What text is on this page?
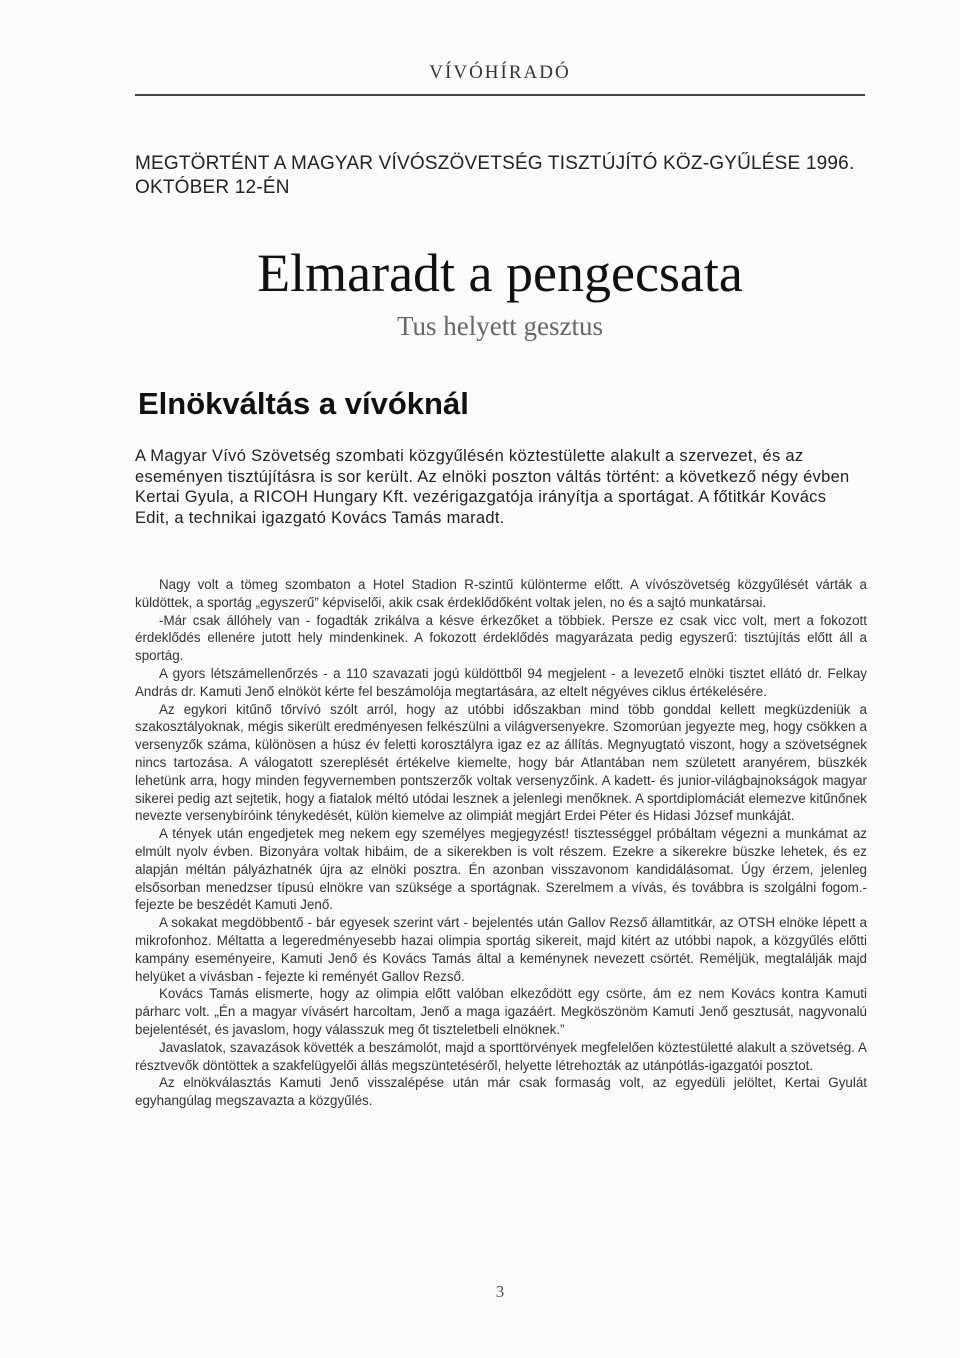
VÍVÓHÍRADÓ
MEGTÖRTÉNT A MAGYAR VÍVÓSZÖVETSÉG TISZTÚJÍTÓ KÖZ-GYŰLÉSE 1996. OKTÓBER 12-ÉN
Elmaradt a pengecsata
Tus helyett gesztus
Elnökváltás a vívóknál
A Magyar Vívó Szövetség szombati közgyűlésén köztestülette alakult a szervezet, és az eseményen tisztújításra is sor került. Az elnöki poszton váltás történt: a következő négy évben Kertai Gyula, a RICOH Hungary Kft. vezérigazgatója irányítja a sportágat. A főtitkár Kovács Edit, a technikai igazgató Kovács Tamás maradt.

Nagy volt a tömeg szombaton a Hotel Stadion R-szintű különterme előtt. A vívószövetség közgyűlését várták a küldöttek, a sportág „egyszerű” képviselői, akik csak érdeklődőként voltak jelen, no és a sajtó munkatársai.

-Már csak állóhely van - fogadták zrikálva a késve érkezőket a többiek. Persze ez csak vicc volt, mert a fokozott érdeklődés ellenére jutott hely mindenkinek. A fokozott érdeklődés magyarázata pedig egyszerű: tisztújítás előtt áll a sportág.

A gyors létszámellenőrzés - a 110 szavazati jogú küldöttből 94 megjelent - a levezető elnöki tisztet ellátó dr. Felkay András dr. Kamuti Jenő elnököt kérte fel beszámolója megtartására, az eltelt négyéves ciklus értékelésére.

Az egykori kitűnő tőrvívó szólt arról, hogy az utóbbi időszakban mind több gonddal kellett megküzdeniük a szakosztályoknak, mégis sikerült eredményesen felkészülni a világversenyekre. Szomorúan jegyezte meg, hogy csökken a versenyzők száma, különösen a húsz év feletti korosztályra igaz ez az állítás. Megnyugtató viszont, hogy a szövetségnek nincs tartozása. A válogatott szereplését értékelve kiemelte, hogy bár Atlantában nem született aranyérem, büszkék lehetünk arra, hogy minden fegyvernemben pontszerzők voltak versenyzőink. A kadett- és junior-világbajnokságok magyar sikerei pedig azt sejtetik, hogy a fiatalok méltó utódai lesznek a jelenlegi menőknek. A sportdiplomáciát elemezve kitűnőnek nevezte versenybíróink ténykedését, külön kiemelve az olimpiát megjárt Erdei Péter és Hidasi József munkáját.

A tények után engedjetek meg nekem egy személyes megjegyzést! tisztességgel próbáltam végezni a munkámat az elmúlt nyolv évben. Bizonyára voltak hibáim, de a sikerekben is volt részem. Ezekre a sikerekre büszke lehetek, és ez alapján méltán pályázhatnék újra az elnöki posztra. Én azonban visszavonom kandidálásomat. Úgy érzem, jelenleg elsősorban menedzser típusú elnökre van szüksége a sportágnak. Szerelmem a vívás, és továbbra is szolgálni fogom.- fejezte be beszédét Kamuti Jenő.

A sokakat megdöbbentő - bár egyesek szerint várt - bejelentés után Gallov Rezső államtitkár, az OTSH elnöke lépett a mikrofonhoz. Méltatta a legeredményesebb hazai olimpia sportág sikereit, majd kitért az utóbbi napok, a közgyűlés előtti kampány eseményeire, Kamuti Jenő és Kovács Tamás által a keménynek nevezett csörtét. Reméljük, megtalálják majd helyüket a vívásban - fejezte ki reményét Gallov Rezső.

Kovács Tamás elismerte, hogy az olimpia előtt valóban elkeződött egy csörte, ám ez nem Kovács kontra Kamuti párharc volt. „Én a magyar vívásért harcoltam, Jenő a maga igazáért. Megköszönöm Kamuti Jenő gesztusát, nagyvonalú bejelentését, és javaslom, hogy válasszuk meg őt tiszteletbeli elnöknek.”

Javaslatok, szavazások követték a beszámolót, majd a sporttörvények megfelelően köztestületté alakult a szövetség. A résztvevők döntöttek a szakfelügyelői állás megszüntetéséről, helyette létrehozták az utánpótlás-igazgatói posztot.

Az elnökválasztás Kamuti Jenő visszalépése után már csak formaság volt, az egyedüli jelöltet, Kertai Gyulát egyhangúlag megszavazta a közgyűlés.

3
